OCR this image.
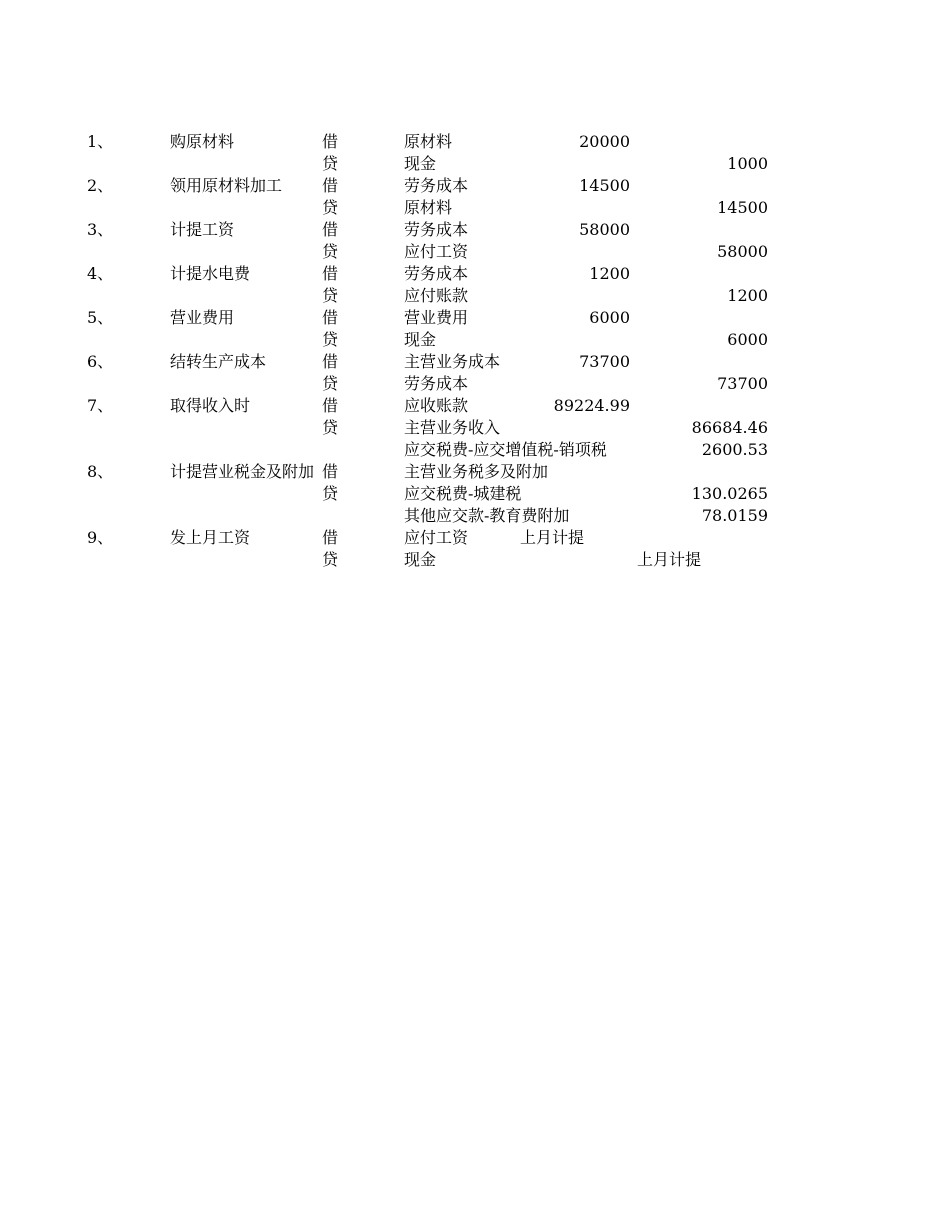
1、	购原材料	借	原材料	20000
贷	现金	1000
2、	领用原材料加工	借	劳务成本	14500
贷	原材料	14500
3、	计提工资	借	劳务成本	58000
贷	应付工资	58000
4、	计提水电费	借	劳务成本	1200
贷	应付账款	1200
5、	营业费用	借	营业费用	6000
贷	现金	6000
6、	结转生产成本	借	主营业务成本	73700
贷	劳务成本	73700
7、	取得收入时	借	应收账款	89224.99
贷	主营业务收入	86684.46
应交税费-应交增值税-销项税	2600.53
8、	计提营业税金及附加 借	主营业务税多及附加
贷	应交税费-城建税	130.0265
其他应交款-教育费附加	78.0159
9、	发上月工资	借	应付工资	上月计提
贷	现金	上月计提
